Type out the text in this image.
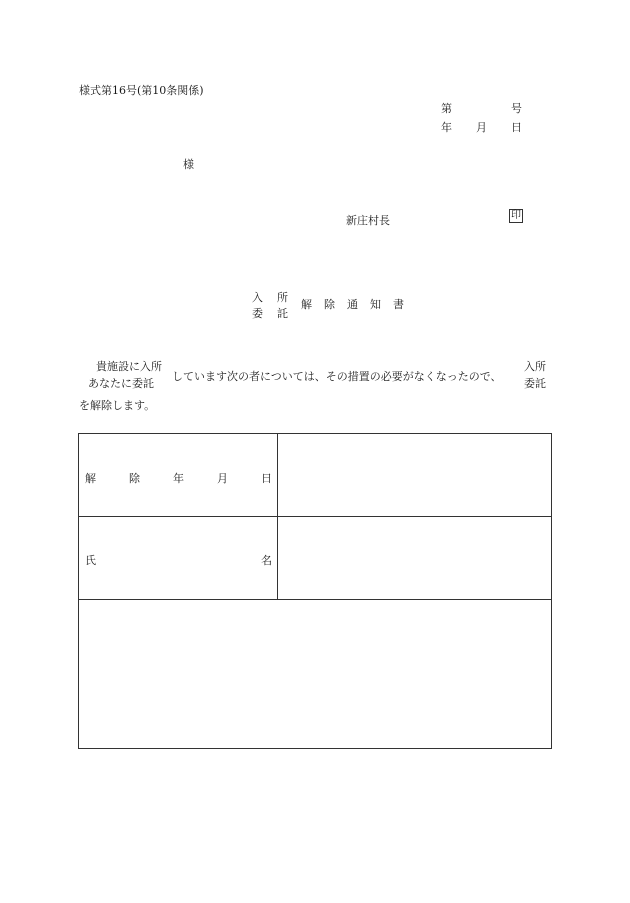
様式第16号(第10条関係)
第	号
年 月 日
様
新庄村長	印
入 所
委 託
解除通知書
貴施設に入所
あなたに委託
しています次の者については、その措置の必要がなくなったので、
入所
委託
を解除します。
解	除	年	月	日
氏	名
